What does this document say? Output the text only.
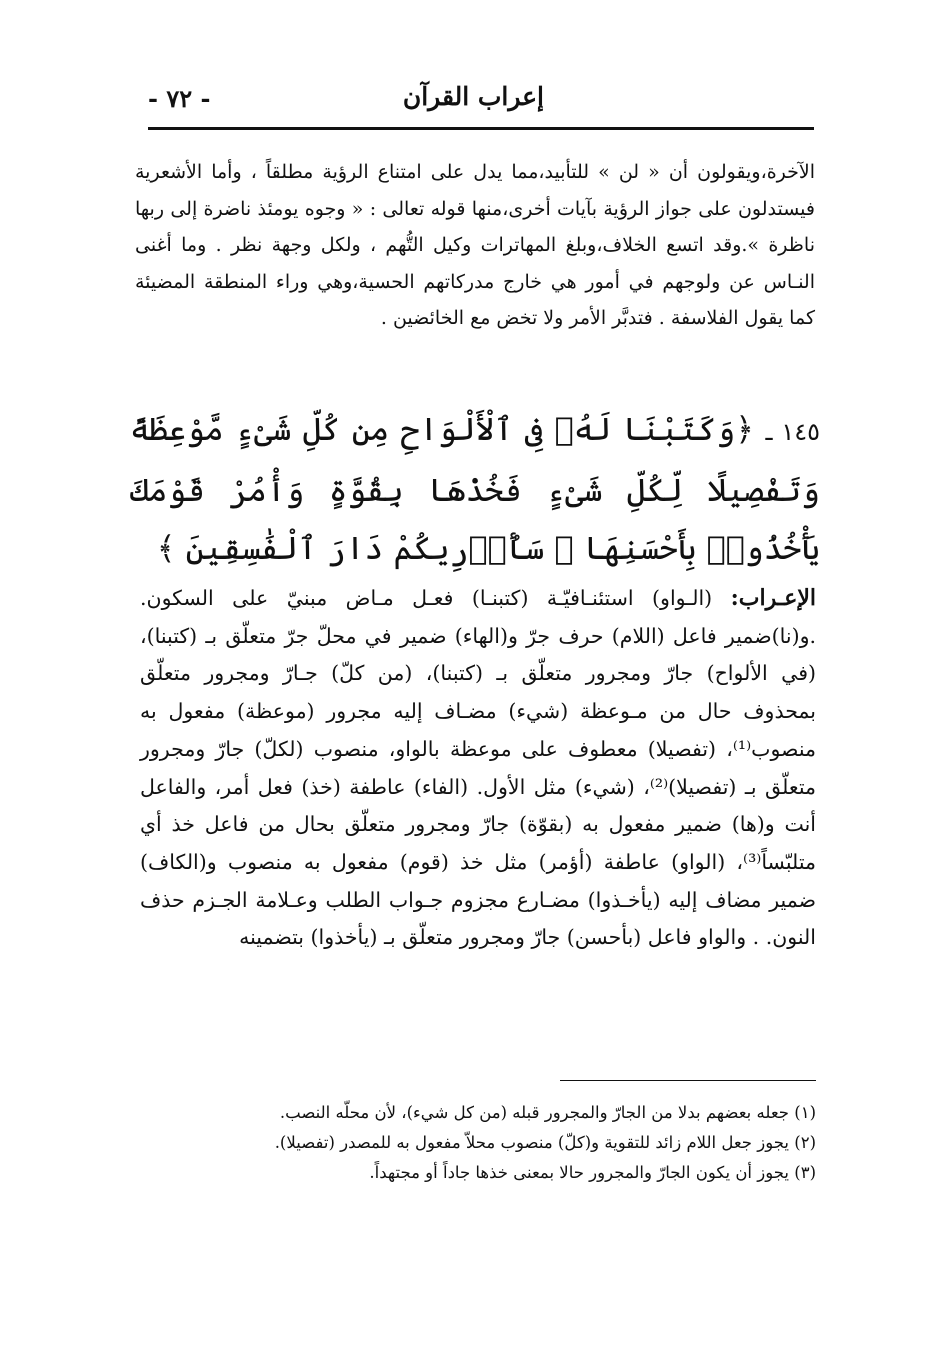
إعراب القرآن
- ٧٢ -

الآخرة،ويقولون أن « لن » للتأبيد،مما يدل على امتناع الرؤية مطلقاً ، وأما الأشعرية فيستدلون على جواز الرؤية بآيات أخرى،منها قوله تعالى : « وجوه يومئذ ناضرة إلى ربها ناظرة ».وقد اتسع الخلاف،وبلغ المهاترات وكيل التُّهم ، ولكل وجهة نظر . وما أغنى النـاس عن ولوجهم في أمور هي خارج مدركاتهم الحسية،وهي وراء المنطقة المضيئة كما يقول الفلاسفة . فتدبَّر الأمر ولا تخض مع الخائضين .

١٤٥ ـ ﴿وَكَتَبْنَا لَهُۥ فِى ٱلْأَلْوَاحِ مِن كُلِّ شَىْءٍ مَّوْعِظَةً وَتَفْصِيلًا لِّكُلِّ شَىْءٍ فَخُذْهَا بِقُوَّةٍ وَأْمُرْ قَوْمَكَ يَأْخُذُوا۟ بِأَحْسَنِهَا ۚ سَأُو۟رِيكُمْ دَارَ ٱلْفَٰسِقِينَ ﴾

الإعـراب: (الـواو) استئنـافيّـة (كتبنـا) فعـل مـاض مبنيّ على السكون. .و(نا)ضمير فاعل (اللام) حرف جرّ و(الهاء) ضمير في محلّ جرّ متعلّق بـ (كتبنا)، (في الألواح) جارّ ومجرور متعلّق بـ (كتبنا)، (من كلّ) جـارّ ومجرور متعلّق بمحذوف حال من مـوعظة (شيء) مضـاف إليه مجرور (موعظة) مفعول به منصوب⁽¹⁾، (تفصيلا) معطوف على موعظة بالواو، منصوب (لكلّ) جارّ ومجرور متعلّق بـ (تفصيلا)⁽²⁾، (شيء) مثل الأول. (الفاء) عاطفة (خذ) فعل أمر، والفاعل أنت و(ها) ضمير مفعول به (بقوّة) جارّ ومجرور متعلّق بحال من فاعل خذ أي متلبّساً⁽³⁾، (الواو) عاطفة (أؤمر) مثل خذ (قوم) مفعول به منصوب و(الكاف) ضمير مضاف إليه (يأخـذوا) مضـارع مجزوم جـواب الطلب وعـلامة الجـزم حذف النون. . والواو فاعل (بأحسن) جارّ ومجرور متعلّق بـ (يأخذوا) بتضمينه

(١) جعله بعضهم بدلا من الجارّ والمجرور قبله (من كل شيء)، لأن محلّه النصب.
(٢) يجوز جعل اللام زائد للتقوية و(كلّ) منصوب محلاّ مفعول به للمصدر (تفصيلا).
(٣) يجوز أن يكون الجارّ والمجرور حالا بمعنى خذها جاداً أو مجتهداً.
